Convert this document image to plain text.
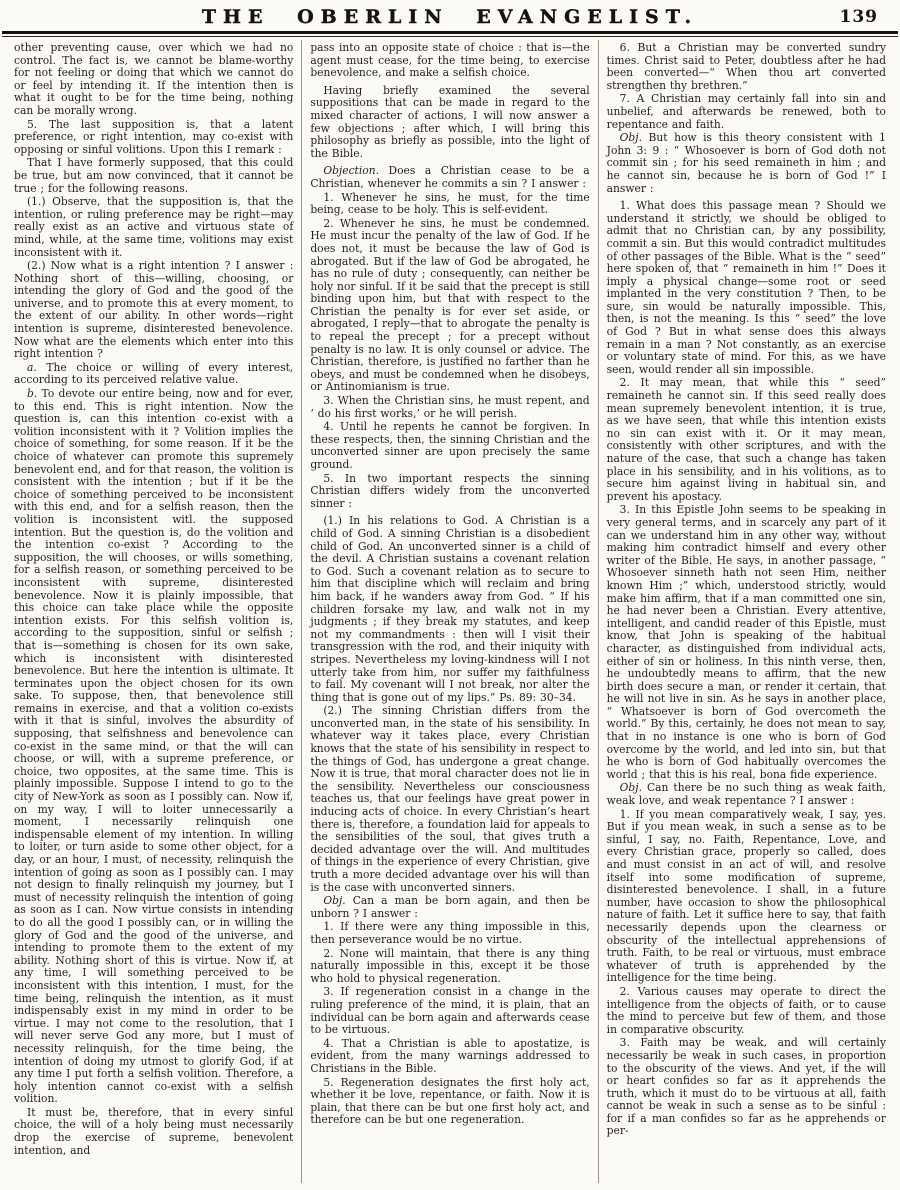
THE OBERLIN EVANGELIST.	139

other preventing cause, over which we had no control. The fact is, we cannot be blame-worthy for not feeling or doing that which we cannot do or feel by intending it. If the intention then is what it ought to be for the time being, nothing can be morally wrong.

5. The last supposition is, that a latent preference, or right intention, may co-exist with opposing or sinful volitions. Upon this I remark :

That I have formerly supposed, that this could be true, but am now convinced, that it cannot be true ; for the following reasons.

(1.) Observe, that the supposition is, that the intention, or ruling preference may be right—may really exist as an active and virtuous state of mind, while, at the same time, volitions may exist inconsistent with it.

(2.) Now what is a right intention ? I answer : Nothing short of this—willing, choosing, or intending the glory of God and the good of the universe, and to promote this at every moment, to the extent of our ability. In other words—right intention is supreme, disinterested benevolence. Now what are the elements which enter into this right intention ?

a. The choice or willing of every interest, according to its perceived relative value.

b. To devote our entire being, now and for ever, to this end. This is right intention. Now the question is, can this intention co-exist with a volition inconsistent with it ? Volition implies the choice of something, for some reason. If it be the choice of whatever can promote this supremely benevolent end, and for that reason, the volition is consistent with the intention ; but if it be the choice of something perceived to be inconsistent with this end, and for a selfish reason, then the volition is inconsistent witl. the supposed intention. But the question is, do the volition and the intention co-exist ? According to the supposition, the will chooses, or wills something, for a selfish reason, or something perceived to be inconsistent with supreme, disinterested benevolence. Now it is plainly impossible, that this choice can take place while the opposite intention exists. For this selfish volition is, according to the supposition, sinful or selfish ; that is—something is chosen for its own sake, which is inconsistent with disinterested benevolence. But here the intention is ultimate. It terminates upon the object chosen for its own sake. To suppose, then, that benevolence still remains in exercise, and that a volition co-exists with it that is sinful, involves the absurdity of supposing, that selfishness and benevolence can co-exist in the same mind, or that the will can choose, or will, with a supreme preference, or choice, two opposites, at the same time. This is plainly impossible. Suppose I intend to go to the city of New-York as soon as I possibly can. Now if, on my way, I will to loiter unnecessarily a moment, I necessarily relinquish one indispensable element of my intention. In willing to loiter, or turn aside to some other object, for a day, or an hour, I must, of necessity, relinquish the intention of going as soon as I possibly can. I may not design to finally relinquish my journey, but I must of necessity relinquish the intention of going as soon as I can. Now virtue consists in intending to do all the good I possibly can, or in willing the glory of God and the good of the universe, and intending to promote them to the extent of my ability. Nothing short of this is virtue. Now if, at any time, I will something perceived to be inconsistent with this intention, I must, for the time being, relinquish the intention, as it must indispensably exist in my mind in order to be virtue. I may not come to the resolution, that I will never serve God any more, but I must of necessity relinquish, for the time being, the intention of doing my utmost to glorify God, if at any time I put forth a selfish volition. Therefore, a holy intention cannot co-exist with a selfish volition.

It must be, therefore, that in every sinful choice, the will of a holy being must necessarily drop the exercise of supreme, benevolent intention, and

pass into an opposite state of choice : that is—the agent must cease, for the time being, to exercise benevolence, and make a selfish choice.

Having briefly examined the several suppositions that can be made in regard to the mixed character of actions, I will now answer a few objections ; after which, I will bring this philosophy as briefly as possible, into the light of the Bible.

Objection. Does a Christian cease to be a Christian, whenever he commits a sin ? I answer :

1. Whenever he sins, he must, for the time being, cease to be holy. This is self-evident.

2. Whenever he sins, he must be condemned. He must incur the penalty of the law of God. If he does not, it must be because the law of God is abrogated. But if the law of God be abrogated, he has no rule of duty ; consequently, can neither be holy nor sinful. If it be said that the precept is still binding upon him, but that with respect to the Christian the penalty is for ever set aside, or abrogated, I reply—that to abrogate the penalty is to repeal the precept ; for a precept without penalty is no law. It is only counsel or advice. The Christian, therefore, is justified no farther than he obeys, and must be condemned when he disobeys, or Antinomianism is true.

3. When the Christian sins, he must repent, and ‘ do his first works,’ or he will perish.

4. Until he repents he cannot be forgiven. In these respects, then, the sinning Christian and the unconverted sinner are upon precisely the same ground.

5. In two important respects the sinning Christian differs widely from the unconverted sinner :

(1.) In his relations to God. A Christian is a child of God. A sinning Christian is a disobedient child of God. An unconverted sinner is a child of the devil. A Christian sustains a covenant relation to God. Such a covenant relation as to secure to him that discipline which will reclaim and bring him back, if he wanders away from God. “ If his children forsake my law, and walk not in my judgments ; if they break my statutes, and keep not my commandments : then will I visit their transgression with the rod, and their iniquity with stripes. Nevertheless my loving-kindness will I not utterly take from him, nor suffer my faithfulness to fail. My covenant will I not break, nor alter the thing that is gone out of my lips.” Ps. 89: 30–34.

(2.) The sinning Christian differs from the unconverted man, in the state of his sensibility. In whatever way it takes place, every Christian knows that the state of his sensibility in respect to the things of God, has undergone a great change. Now it is true, that moral character does not lie in the sensibility. Nevertheless our consciousness teaches us, that our feelings have great power in inducing acts of choice. In every Christian’s heart there is, therefore, a foundation laid for appeals to the sensibilities of the soul, that gives truth a decided advantage over the will. And multitudes of things in the experience of every Christian, give truth a more decided advantage over his will than is the case with unconverted sinners.

Obj. Can a man be born again, and then be unborn ? I answer :

1. If there were any thing impossible in this, then perseverance would be no virtue.

2. None will maintain, that there is any thing naturally impossible in this, except it be those who hold to physical regeneration.

3. If regeneration consist in a change in the ruling preference of the mind, it is plain, that an individual can be born again and afterwards cease to be virtuous.

4. That a Christian is able to apostatize, is evident, from the many warnings addressed to Christians in the Bible.

5. Regeneration designates the first holy act, whether it be love, repentance, or faith. Now it is plain, that there can be but one first holy act, and therefore can be but one regeneration.

6. But a Christian may be converted sundry times. Christ said to Peter, doubtless after he had been converted—“ When thou art converted strengthen thy brethren.”

7. A Christian may certainly fall into sin and unbelief, and afterwards be renewed, both to repentance and faith.

Obj. But how is this theory consistent with 1 John 3: 9 : “ Whosoever is born of God doth not commit sin ; for his seed remaineth in him ; and he cannot sin, because he is born of God !” I answer :

1. What does this passage mean ? Should we understand it strictly, we should be obliged to admit that no Christian can, by any possibility, commit a sin. But this would contradict multitudes of other passages of the Bible. What is the “ seed” here spoken of, that “ remaineth in him !” Does it imply a physical change—some root or seed implanted in the very constitution ? Then, to be sure, sin would be naturally impossible. This, then, is not the meaning. Is this “ seed” the love of God ? But in what sense does this always remain in a man ? Not constantly, as an exercise or voluntary state of mind. For this, as we have seen, would render all sin impossible.

2. It may mean, that while this “ seed” remaineth he cannot sin. If this seed really does mean supremely benevolent intention, it is true, as we have seen, that while this intention exists no sin can exist with it. Or it may mean, consistently with other scriptures, and with the nature of the case, that such a change has taken place in his sensibility, and in his volitions, as to secure him against living in habitual sin, and prevent his apostacy.

3. In this Epistle John seems to be speaking in very general terms, and in scarcely any part of it can we understand him in any other way, without making him contradict himself and every other writer of the Bible. He says, in another passage, “ Whosoever sinneth hath not seen Him, neither known Him ;” which, understood strictly, would make him affirm, that if a man committed one sin, he had never been a Christian. Every attentive, intelligent, and candid reader of this Epistle, must know, that John is speaking of the habitual character, as distinguished from individual acts, either of sin or holiness. In this ninth verse, then, he undoubtedly means to affirm, that the new birth does secure a man, or render it certain, that he will not live in sin. As he says in another place, “ Whatsoever is born of God overcometh the world.” By this, certainly, he does not mean to say, that in no instance is one who is born of God overcome by the world, and led into sin, but that he who is born of God habitually overcomes the world ; that this is his real, bona fide experience.

Obj. Can there be no such thing as weak faith, weak love, and weak repentance ? I answer :

1. If you mean comparatively weak, I say, yes. But if you mean weak, in such a sense as to be sinful, I say, no. Faith, Repentance, Love, and every Christian grace, properly so called, does and must consist in an act of will, and resolve itself into some modification of supreme, disinterested benevolence. I shall, in a future number, have occasion to show the philosophical nature of faith. Let it suffice here to say, that faith necessarily depends upon the clearness or obscurity of the intellectual apprehensions of truth. Faith, to be real or virtuous, must embrace whatever of truth is apprehended by the intelligence for the time being.

2. Various causes may operate to direct the intelligence from the objects of faith, or to cause the mind to perceive but few of them, and those in comparative obscurity.

3. Faith may be weak, and will certainly necessarily be weak in such cases, in proportion to the obscurity of the views. And yet, if the will or heart confides so far as it apprehends the truth, which it must do to be virtuous at all, faith cannot be weak in such a sense as to be sinful : for if a man confides so far as he apprehends or per-
